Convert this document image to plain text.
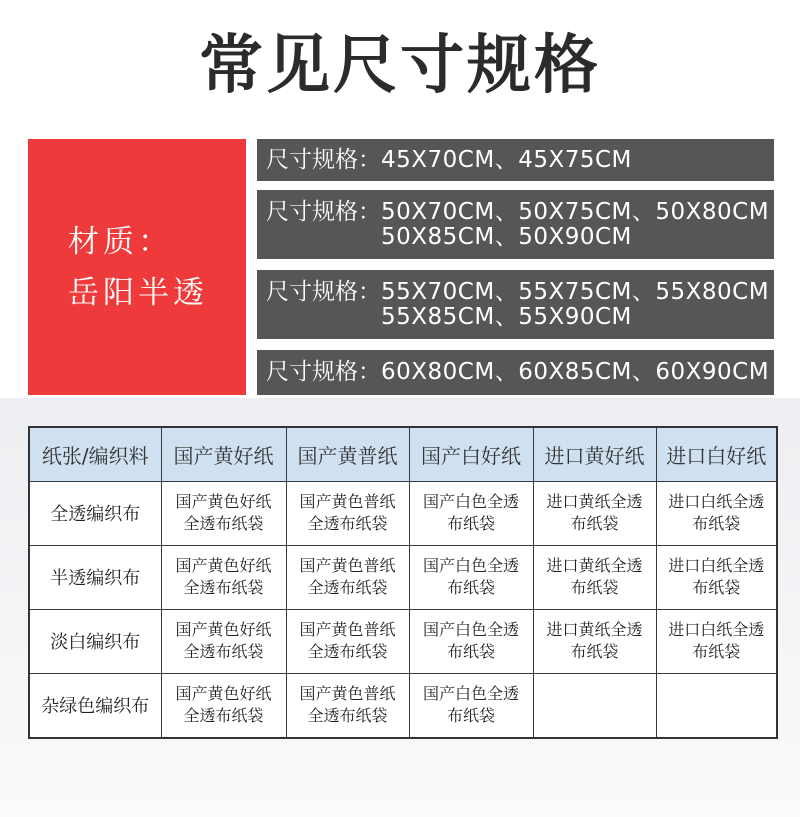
常见尺寸规格
材质：
岳阳半透
尺寸规格： 45X70CM、45X75CM
尺寸规格： 50X70CM、50X75CM、50X80CM
50X85CM、50X90CM
尺寸规格： 55X70CM、55X75CM、55X80CM
55X85CM、55X90CM
尺寸规格： 60X80CM、60X85CM、60X90CM
纸张/编织料	国产黄好纸	国产黄普纸	国产白好纸	进口黄好纸	进口白好纸
全透编织布	国产黄色好纸全透布纸袋	国产黄色普纸全透布纸袋	国产白色全透布纸袋	进口黄纸全透布纸袋	进口白纸全透布纸袋
半透编织布	国产黄色好纸全透布纸袋	国产黄色普纸全透布纸袋	国产白色全透布纸袋	进口黄纸全透布纸袋	进口白纸全透布纸袋
淡白编织布	国产黄色好纸全透布纸袋	国产黄色普纸全透布纸袋	国产白色全透布纸袋	进口黄纸全透布纸袋	进口白纸全透布纸袋
杂绿色编织布	国产黄色好纸全透布纸袋	国产黄色普纸全透布纸袋	国产白色全透布纸袋		
